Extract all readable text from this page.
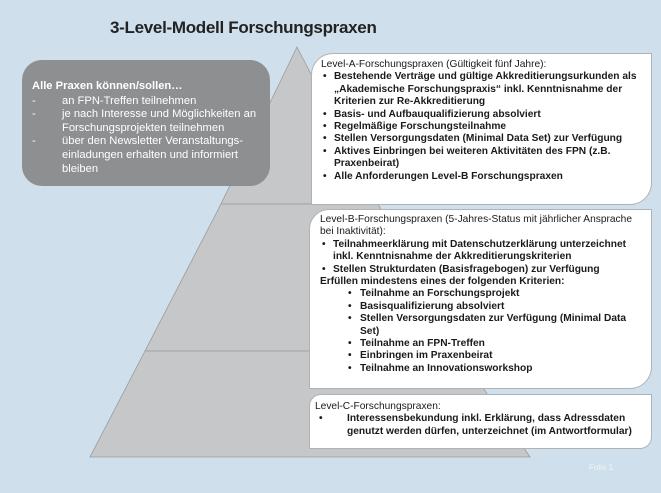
3-Level-Modell Forschungspraxen
Alle Praxen können/sollen…
- an FPN-Treffen teilnehmen
- je nach Interesse und Möglichkeiten an Forschungsprojekten teilnehmen
- über den Newsletter Veranstaltungs-einladungen erhalten und informiert bleiben
Level-A-Forschungspraxen (Gültigkeit fünf Jahre):
• Bestehende Verträge und gültige Akkreditierungsurkunden als „Akademische Forschungspraxis“ inkl. Kenntnisnahme der Kriterien zur Re-Akkreditierung
• Basis- und Aufbauqualifizierung absolviert
• Regelmäßige Forschungsteilnahme
• Stellen Versorgungsdaten (Minimal Data Set) zur Verfügung
• Aktives Einbringen bei weiteren Aktivitäten des FPN (z.B. Praxenbeirat)
• Alle Anforderungen Level-B Forschungspraxen
Level-B-Forschungspraxen (5-Jahres-Status mit jährlicher Ansprache bei Inaktivität):
• Teilnahmeerklärung mit Datenschutzerklärung unterzeichnet inkl. Kenntnisnahme der Akkreditierungskriterien
• Stellen Strukturdaten (Basisfragebogen) zur Verfügung
Erfüllen mindestens eines der folgenden Kriterien:
• Teilnahme an Forschungsprojekt
• Basisqualifizierung absolviert
• Stellen Versorgungsdaten zur Verfügung (Minimal Data Set)
• Teilnahme an FPN-Treffen
• Einbringen im Praxenbeirat
• Teilnahme an Innovationsworkshop
Level-C-Forschungspraxen:
• Interessensbekundung inkl. Erklärung, dass Adressdaten genutzt werden dürfen, unterzeichnet (im Antwortformular)
Folie 1
